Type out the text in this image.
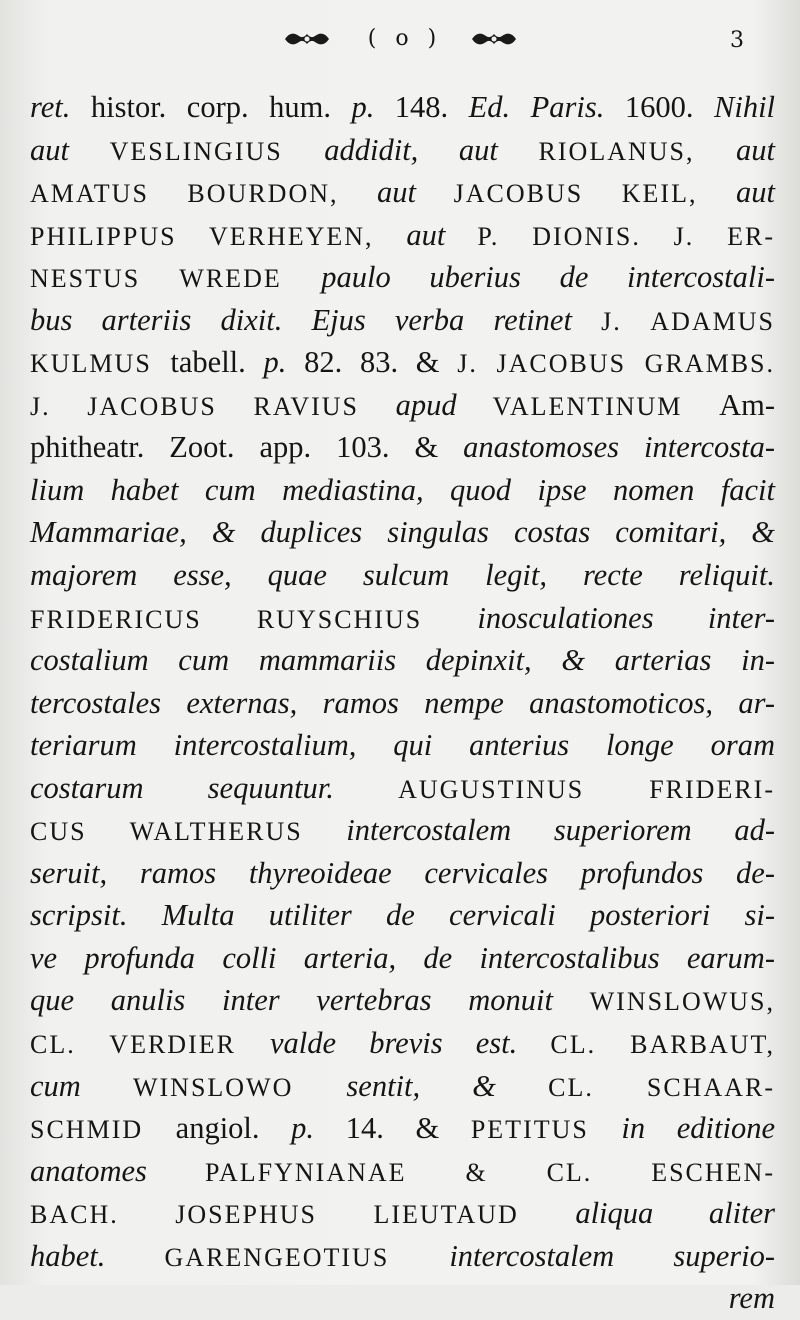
( o )	3
ret. histor. corp. hum. p. 148. Ed. Paris. 1600. Nihil
aut VESLINGIUS addidit, aut RIOLANUS, aut
AMATUS BOURDON, aut JACOBUS KEIL, aut
PHILIPPUS VERHEYEN, aut P. DIONIS. J. ER-
NESTUS WREDE paulo uberius de intercostali-
bus arteriis dixit. Ejus verba retinet J. ADAMUS
KULMUS tabell. p. 82. 83. & J. JACOBUS GRAMBS.
J. JACOBUS RAVIUS apud VALENTINUM Am-
phitheatr. Zoot. app. 103. & anastomoses intercosta-
lium habet cum mediastina, quod ipse nomen facit
Mammariae, & duplices singulas costas comitari, &
majorem esse, quae sulcum legit, recte reliquit.
FRIDERICUS RUYSCHIUS inosculationes inter-
costalium cum mammariis depinxit, & arterias in-
tercostales externas, ramos nempe anastomoticos, ar-
teriarum intercostalium, qui anterius longe oram
costarum sequuntur. AUGUSTINUS FRIDERI-
CUS WALTHERUS intercostalem superiorem ad-
seruit, ramos thyreoideae cervicales profundos de-
scripsit. Multa utiliter de cervicali posteriori si-
ve profunda colli arteria, de intercostalibus earum-
que anulis inter vertebras monuit WINSLOWUS,
CL. VERDIER valde brevis est. CL. BARBAUT,
cum WINSLOWO sentit, & CL. SCHAAR-
SCHMID angiol. p. 14. & PETITUS in editione
anatomes PALFYNIANAE & CL. ESCHEN-
BACH. JOSEPHUS LIEUTAUD aliqua aliter
habet. GARENGEOTIUS intercostalem superio-
rem
